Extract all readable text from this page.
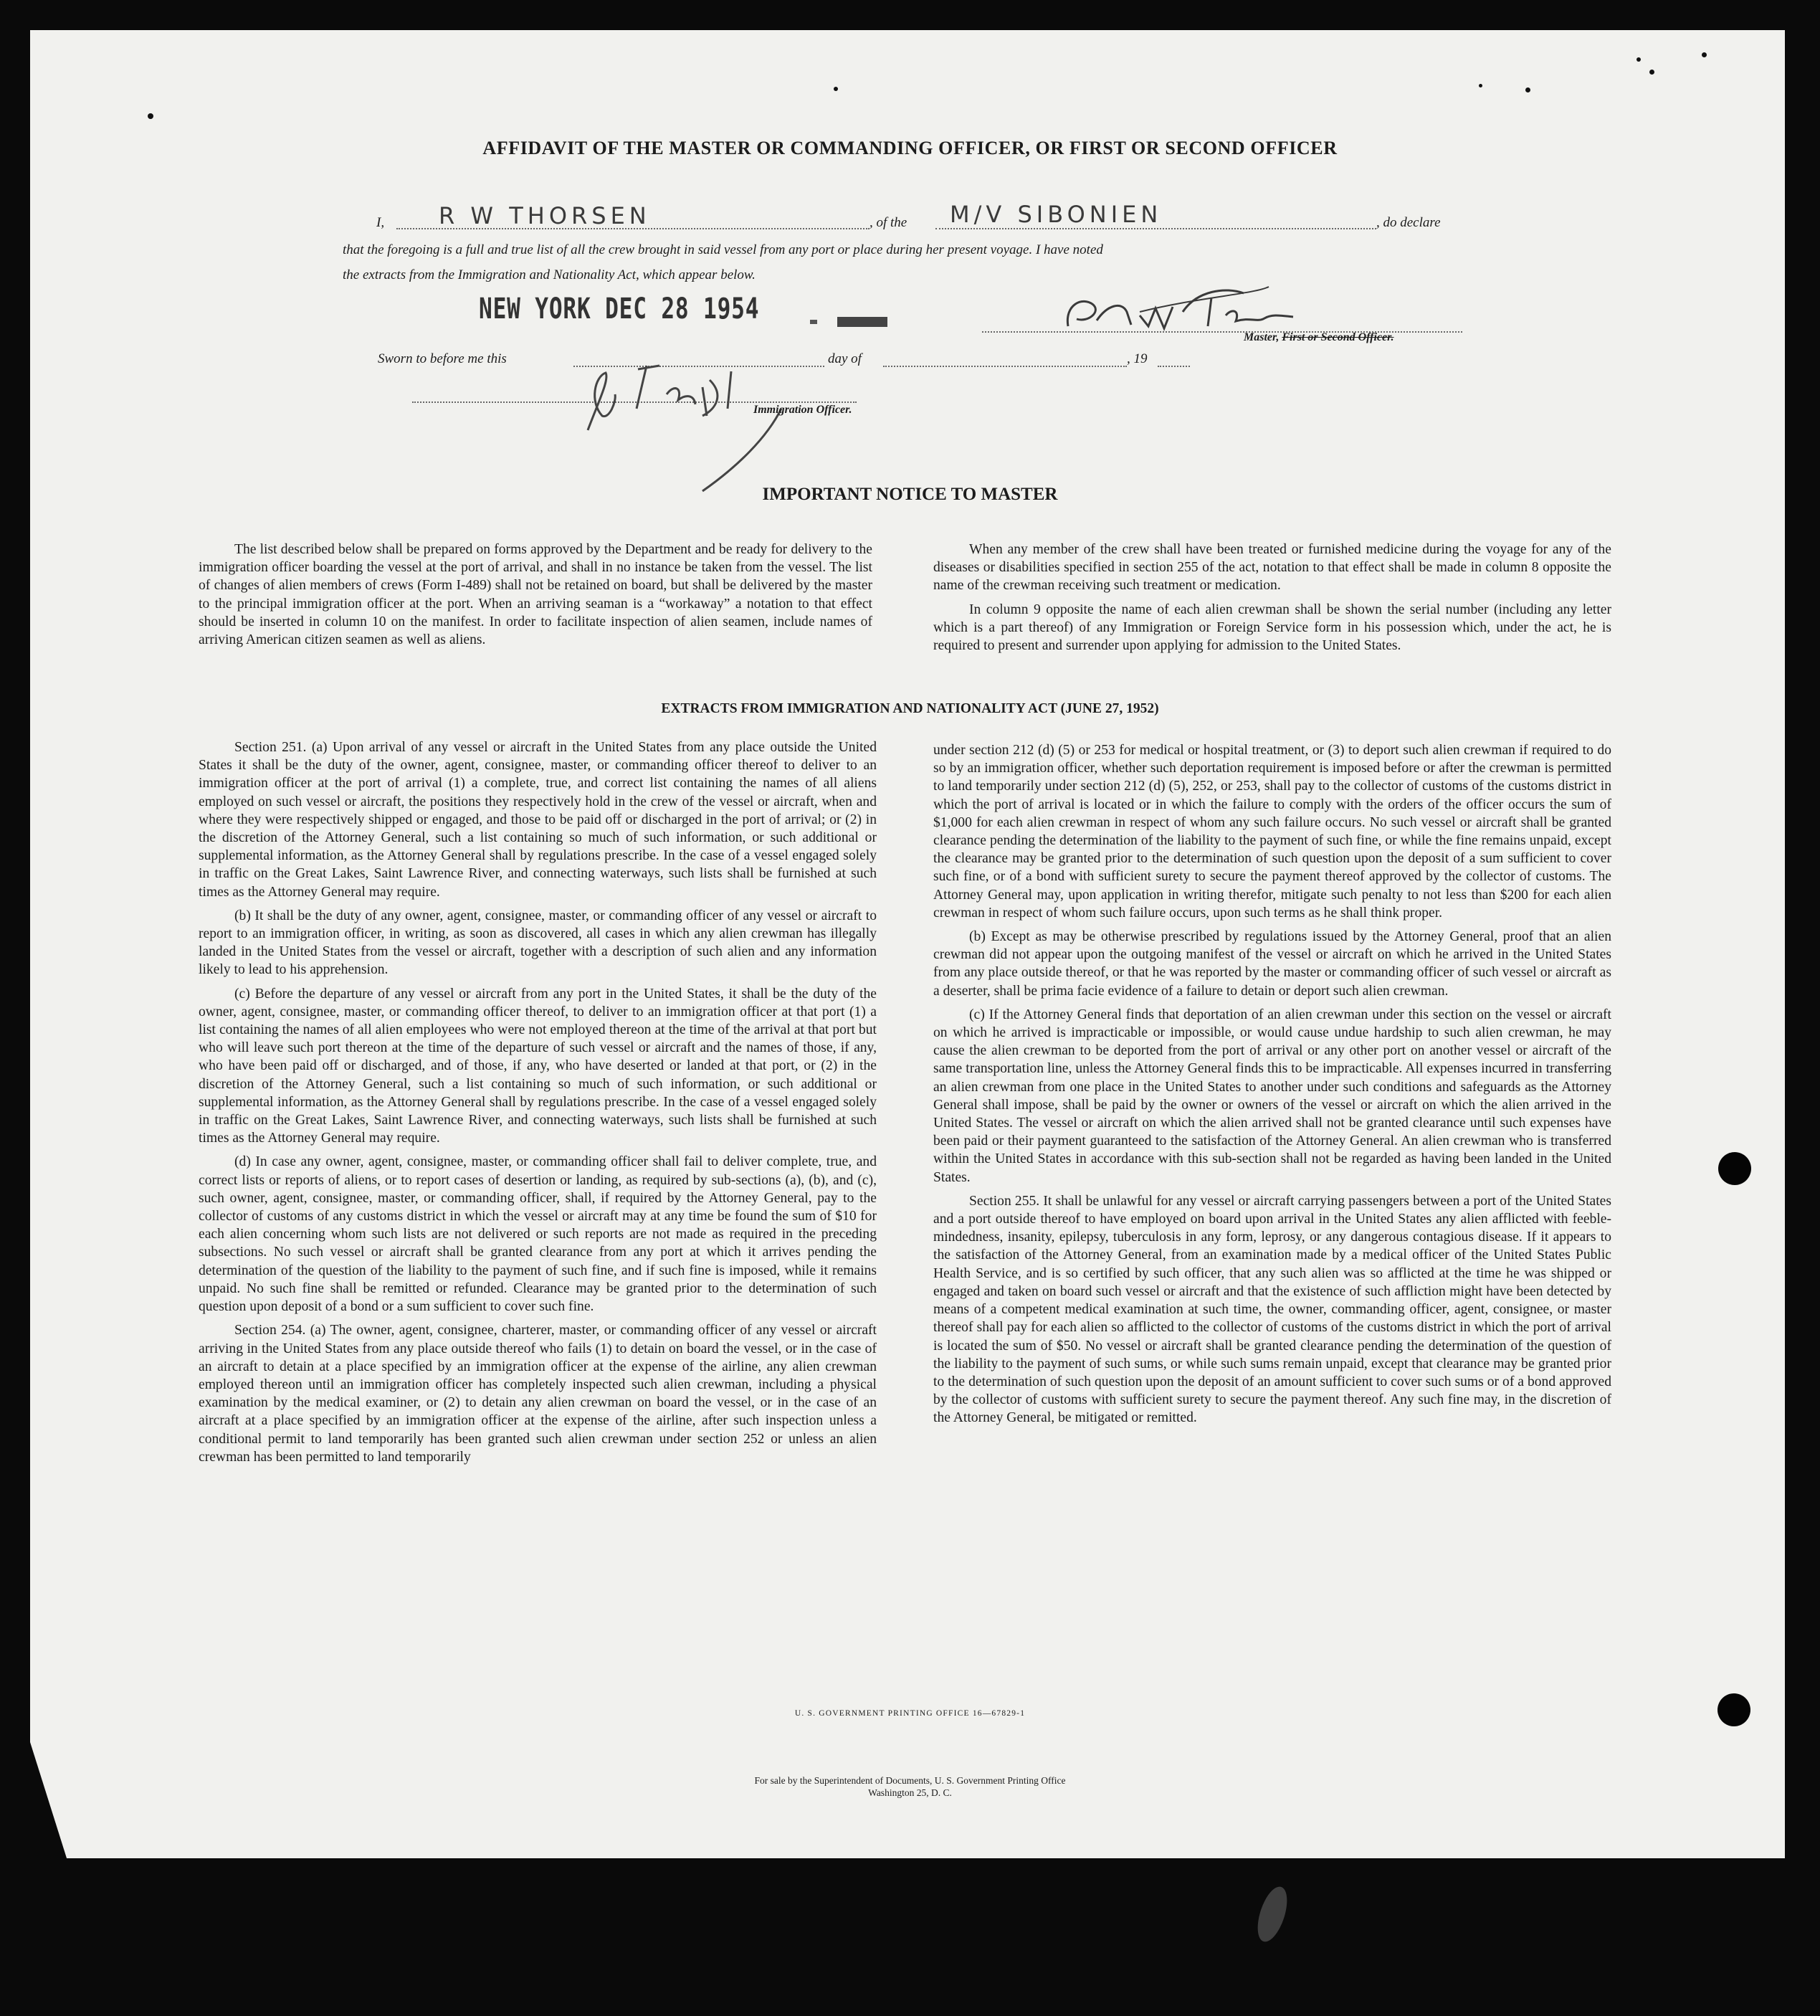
AFFIDAVIT OF THE MASTER OR COMMANDING OFFICER, OR FIRST OR SECOND OFFICER
I, R W THORSEN	, of the M/V SIBONIEN	, do declare
that the foregoing is a full and true list of all the crew brought in said vessel from any port or place during her present voyage. I have noted
the extracts from the Immigration and Nationality Act, which appear below.
NEW YORK DEC 28 1954
Master, First or Second Officer.
Sworn to before me this	day of	, 19
Immigration Officer.
IMPORTANT NOTICE TO MASTER

The list described below shall be prepared on forms approved by the Department and be ready for delivery to the immigration officer boarding the vessel at the port of arrival, and shall in no instance be taken from the vessel. The list of changes of alien members of crews (Form I-489) shall not be retained on board, but shall be delivered by the master to the principal immigration officer at the port. When an arriving seaman is a “workaway” a notation to that effect should be inserted in column 10 on the manifest. In order to facilitate inspection of alien seamen, include names of arriving American citizen seamen as well as aliens.

When any member of the crew shall have been treated or furnished medicine during the voyage for any of the diseases or disabilities specified in section 255 of the act, notation to that effect shall be made in column 8 opposite the name of the crewman receiving such treatment or medication.

In column 9 opposite the name of each alien crewman shall be shown the serial number (including any letter which is a part thereof) of any Immigration or Foreign Service form in his possession which, under the act, he is required to present and surrender upon applying for admission to the United States.

EXTRACTS FROM IMMIGRATION AND NATIONALITY ACT (JUNE 27, 1952)

Section 251. (a) Upon arrival of any vessel or aircraft in the United States from any place outside the United States it shall be the duty of the owner, agent, consignee, master, or commanding officer thereof to deliver to an immigration officer at the port of arrival (1) a complete, true, and correct list containing the names of all aliens employed on such vessel or aircraft, the positions they respectively hold in the crew of the vessel or aircraft, when and where they were respectively shipped or engaged, and those to be paid off or discharged in the port of arrival; or (2) in the discretion of the Attorney General, such a list containing so much of such information, or such additional or supplemental information, as the Attorney General shall by regulations prescribe. In the case of a vessel engaged solely in traffic on the Great Lakes, Saint Lawrence River, and connecting waterways, such lists shall be furnished at such times as the Attorney General may require.

(b) It shall be the duty of any owner, agent, consignee, master, or commanding officer of any vessel or aircraft to report to an immigration officer, in writing, as soon as discovered, all cases in which any alien crewman has illegally landed in the United States from the vessel or aircraft, together with a description of such alien and any information likely to lead to his apprehension.

(c) Before the departure of any vessel or aircraft from any port in the United States, it shall be the duty of the owner, agent, consignee, master, or commanding officer thereof, to deliver to an immigration officer at that port (1) a list containing the names of all alien employees who were not employed thereon at the time of the arrival at that port but who will leave such port thereon at the time of the departure of such vessel or aircraft and the names of those, if any, who have been paid off or discharged, and of those, if any, who have deserted or landed at that port, or (2) in the discretion of the Attorney General, such a list containing so much of such information, or such additional or supplemental information, as the Attorney General shall by regulations prescribe. In the case of a vessel engaged solely in traffic on the Great Lakes, Saint Lawrence River, and connecting waterways, such lists shall be furnished at such times as the Attorney General may require.

(d) In case any owner, agent, consignee, master, or commanding officer shall fail to deliver complete, true, and correct lists or reports of aliens, or to report cases of desertion or landing, as required by sub-sections (a), (b), and (c), such owner, agent, consignee, master, or commanding officer, shall, if required by the Attorney General, pay to the collector of customs of any customs district in which the vessel or aircraft may at any time be found the sum of $10 for each alien concerning whom such lists are not delivered or such reports are not made as required in the preceding subsections. No such vessel or aircraft shall be granted clearance from any port at which it arrives pending the determination of the question of the liability to the payment of such fine, and if such fine is imposed, while it remains unpaid. No such fine shall be remitted or refunded. Clearance may be granted prior to the determination of such question upon deposit of a bond or a sum sufficient to cover such fine.

Section 254. (a) The owner, agent, consignee, charterer, master, or commanding officer of any vessel or aircraft arriving in the United States from any place outside thereof who fails (1) to detain on board the vessel, or in the case of an aircraft to detain at a place specified by an immigration officer at the expense of the airline, any alien crewman employed thereon until an immigration officer has completely inspected such alien crewman, including a physical examination by the medical examiner, or (2) to detain any alien crewman on board the vessel, or in the case of an aircraft at a place specified by an immigration officer at the expense of the airline, after such inspection unless a conditional permit to land temporarily has been granted such alien crewman under section 252 or unless an alien crewman has been permitted to land temporarily

under section 212 (d) (5) or 253 for medical or hospital treatment, or (3) to deport such alien crewman if required to do so by an immigration officer, whether such deportation requirement is imposed before or after the crewman is permitted to land temporarily under section 212 (d) (5), 252, or 253, shall pay to the collector of customs of the customs district in which the port of arrival is located or in which the failure to comply with the orders of the officer occurs the sum of $1,000 for each alien crewman in respect of whom any such failure occurs. No such vessel or aircraft shall be granted clearance pending the determination of the liability to the payment of such fine, or while the fine remains unpaid, except the clearance may be granted prior to the determination of such question upon the deposit of a sum sufficient to cover such fine, or of a bond with sufficient surety to secure the payment thereof approved by the collector of customs. The Attorney General may, upon application in writing therefor, mitigate such penalty to not less than $200 for each alien crewman in respect of whom such failure occurs, upon such terms as he shall think proper.

(b) Except as may be otherwise prescribed by regulations issued by the Attorney General, proof that an alien crewman did not appear upon the outgoing manifest of the vessel or aircraft on which he arrived in the United States from any place outside thereof, or that he was reported by the master or commanding officer of such vessel or aircraft as a deserter, shall be prima facie evidence of a failure to detain or deport such alien crewman.

(c) If the Attorney General finds that deportation of an alien crewman under this section on the vessel or aircraft on which he arrived is impracticable or impossible, or would cause undue hardship to such alien crewman, he may cause the alien crewman to be deported from the port of arrival or any other port on another vessel or aircraft of the same transportation line, unless the Attorney General finds this to be impracticable. All expenses incurred in transferring an alien crewman from one place in the United States to another under such conditions and safeguards as the Attorney General shall impose, shall be paid by the owner or owners of the vessel or aircraft on which the alien arrived in the United States. The vessel or aircraft on which the alien arrived shall not be granted clearance until such expenses have been paid or their payment guaranteed to the satisfaction of the Attorney General. An alien crewman who is transferred within the United States in accordance with this sub-section shall not be regarded as having been landed in the United States.

Section 255. It shall be unlawful for any vessel or aircraft carrying passengers between a port of the United States and a port outside thereof to have employed on board upon arrival in the United States any alien afflicted with feeble-mindedness, insanity, epilepsy, tuberculosis in any form, leprosy, or any dangerous contagious disease. If it appears to the satisfaction of the Attorney General, from an examination made by a medical officer of the United States Public Health Service, and is so certified by such officer, that any such alien was so afflicted at the time he was shipped or engaged and taken on board such vessel or aircraft and that the existence of such affliction might have been detected by means of a competent medical examination at such time, the owner, commanding officer, agent, consignee, or master thereof shall pay for each alien so afflicted to the collector of customs of the customs district in which the port of arrival is located the sum of $50. No vessel or aircraft shall be granted clearance pending the determination of the question of the liability to the payment of such sums, or while such sums remain unpaid, except that clearance may be granted prior to the determination of such question upon the deposit of an amount sufficient to cover such sums or of a bond approved by the collector of customs with sufficient surety to secure the payment thereof. Any such fine may, in the discretion of the Attorney General, be mitigated or remitted.

U. S. GOVERNMENT PRINTING OFFICE 16—67829-1
For sale by the Superintendent of Documents, U. S. Government Printing Office
Washington 25, D. C.
